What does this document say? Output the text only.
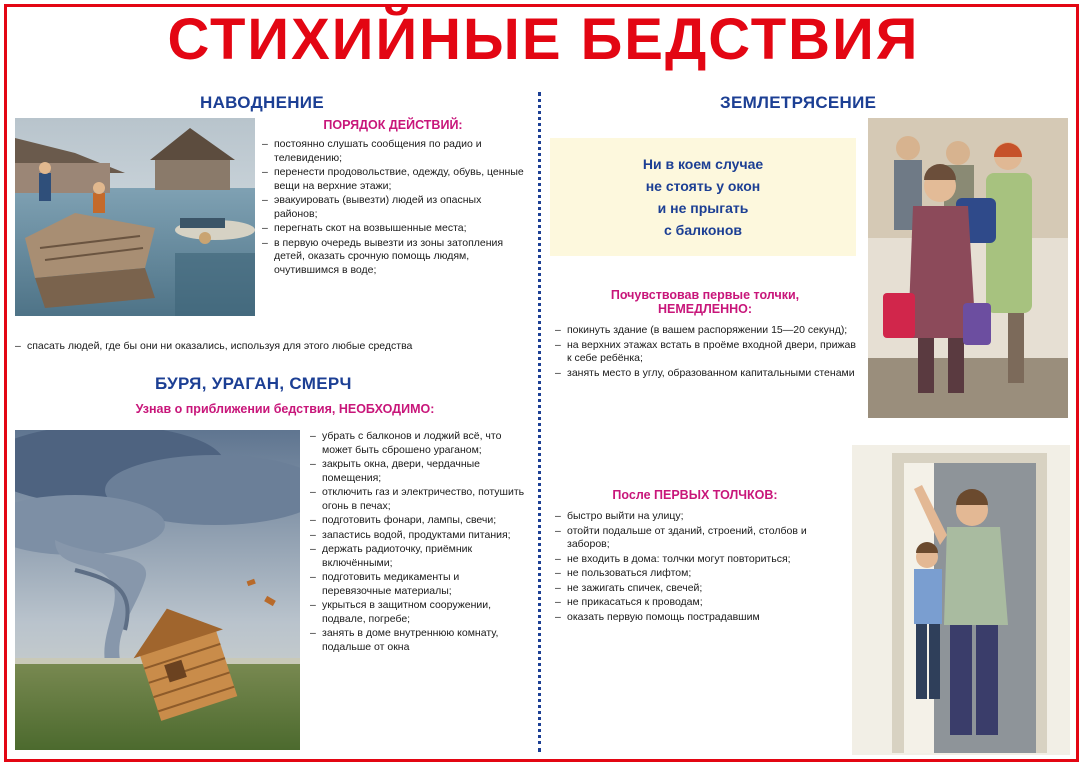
СТИХИЙНЫЕ БЕДСТВИЯ
НАВОДНЕНИЕ
ПОРЯДОК ДЕЙСТВИЙ:
– постоянно слушать сообщения по радио и телевидению;
– перенести продовольствие, одежду, обувь, ценные вещи на верхние этажи;
– эвакуировать (вывезти) людей из опасных районов;
– перегнать скот на возвышенные места;
– в первую очередь вывезти из зоны затопления детей, оказать срочную помощь людям, очутившимся в воде;
– спасать людей, где бы они ни оказались, используя для этого любые средства
БУРЯ, УРАГАН, СМЕРЧ
Узнав о приближении бедствия, НЕОБХОДИМО:
– убрать с балконов и лоджий всё, что может быть сброшено ураганом;
– закрыть окна, двери, чердачные помещения;
– отключить газ и электричество, потушить огонь в печах;
– подготовить фонари, лампы, свечи;
– запастись водой, продуктами питания;
– держать радиоточку, приёмник включёнными;
– подготовить медикаменты и перевязочные материалы;
– укрыться в защитном сооружении, подвале, погребе;
– занять в доме внутреннюю комнату, подальше от окна
ЗЕМЛЕТРЯСЕНИЕ
Ни в коем случае
не стоять у окон
и не прыгать
с балконов
Почувствовав первые толчки,
НЕМЕДЛЕННО:
– покинуть здание (в вашем распоряжении 15—20 секунд);
– на верхних этажах встать в проёме входной двери, прижав к себе ребёнка;
– занять место в углу, образованном капитальными стенами
После ПЕРВЫХ ТОЛЧКОВ:
– быстро выйти на улицу;
– отойти подальше от зданий, строений, столбов и заборов;
– не входить в дома: толчки могут повториться;
– не пользоваться лифтом;
– не зажигать спичек, свечей;
– не прикасаться к проводам;
– оказать первую помощь пострадавшим
